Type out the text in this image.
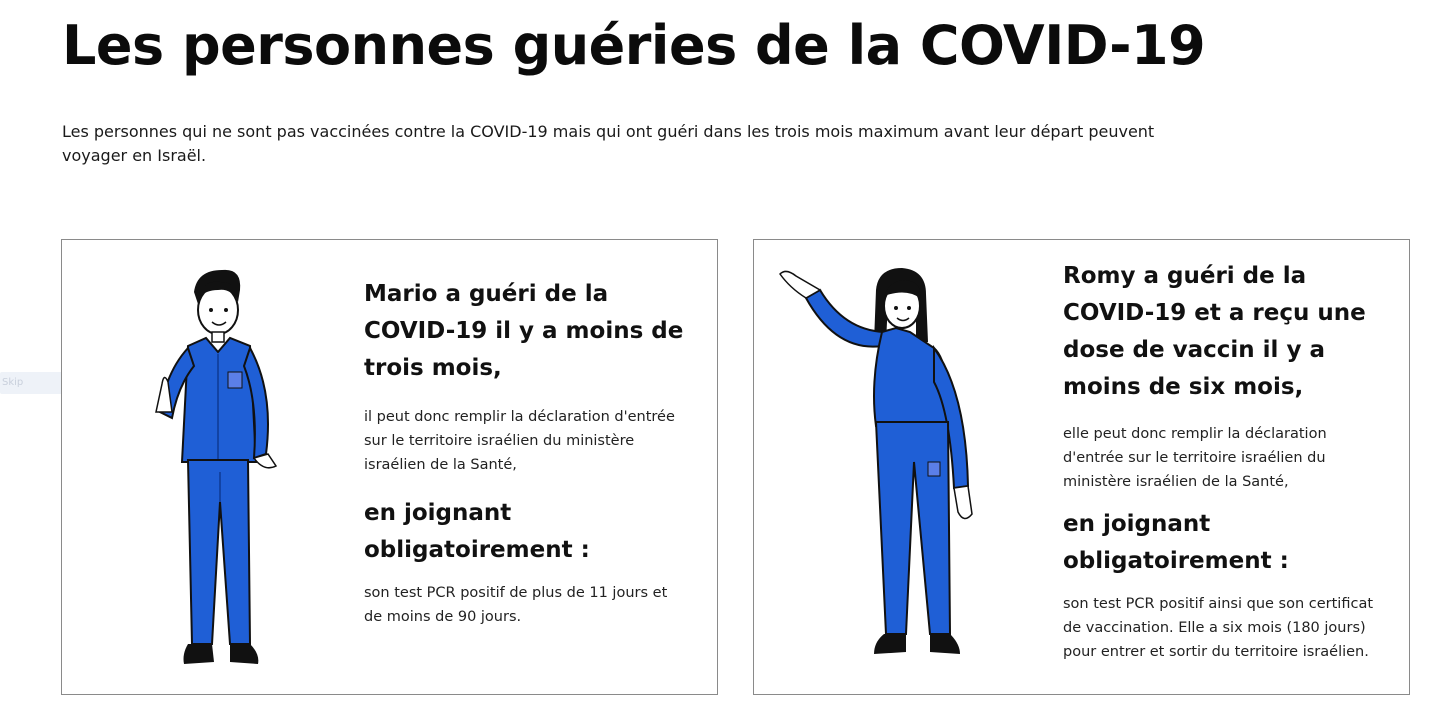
Les personnes guéries de la COVID-19

Les personnes qui ne sont pas vaccinées contre la COVID-19 mais qui ont guéri dans les trois mois maximum avant leur départ peuvent voyager en Israël.

Skip

Mario a guéri de la COVID-19 il y a moins de trois mois,

il peut donc remplir la déclaration d'entrée sur le territoire israélien du ministère israélien de la Santé,

en joignant obligatoirement :

son test PCR positif de plus de 11 jours et de moins de 90 jours.

Romy a guéri de la COVID-19 et a reçu une dose de vaccin il y a moins de six mois,

elle peut donc remplir la déclaration d'entrée sur le territoire israélien du ministère israélien de la Santé,

en joignant obligatoirement :

son test PCR positif ainsi que son certificat de vaccination. Elle a six mois (180 jours) pour entrer et sortir du territoire israélien.
